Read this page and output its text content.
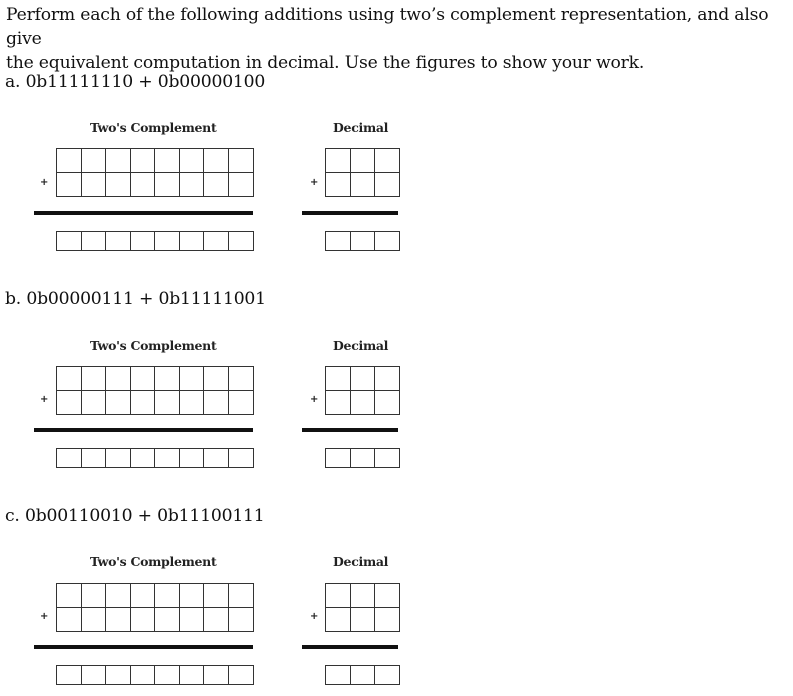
Perform each of the following additions using two’s complement representation, and also give
the equivalent computation in decimal. Use the figures to show your work.
a. 0b11111110 + 0b00000100
Two's Complement	Decimal
+	+
b. 0b00000111 + 0b11111001
Two's Complement	Decimal
+	+
c. 0b00110010 + 0b11100111
Two's Complement	Decimal
+	+
